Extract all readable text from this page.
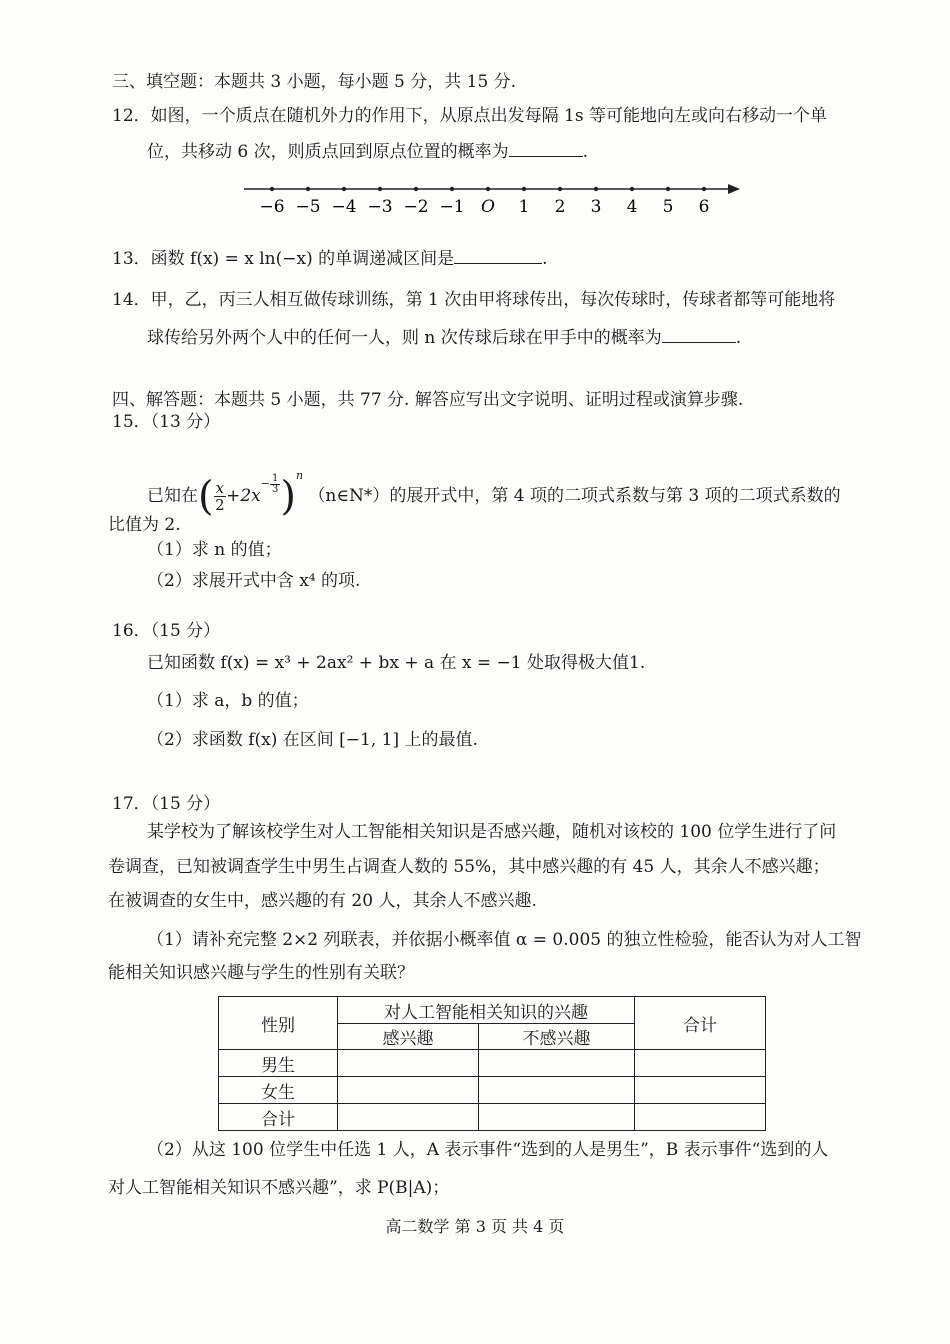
三、填空题：本题共 3 小题，每小题 5 分，共 15 分.
12．如图，一个质点在随机外力的作用下，从原点出发每隔 1s 等可能地向左或向右移动一个单
位，共移动 6 次，则质点回到原点位置的概率为	.
−6 −5 −4 −3 −2 −1 O 1 2 3 4 5 6
13．函数 f(x) = x ln(−x) 的单调递减区间是	.
14．甲，乙，丙三人相互做传球训练，第 1 次由甲将球传出，每次传球时，传球者都等可能地将
球传给另外两个人中的任何一人，则 n 次传球后球在甲手中的概率为	.
四、解答题：本题共 5 小题，共 77 分. 解答应写出文字说明、证明过程或演算步骤.
15．（13 分）
已知在( $\frac{x}{2} +2x^{- \frac{1}{3}}$ )$^n$ （n∈N*）的展开式中，第 4 项的二项式系数与第 3 项的二项式系数的
比值为 2.
（1）求 n 的值；
（2）求展开式中含 x⁴ 的项.
16．（15 分）
已知函数 f(x) = x³ + 2ax² + bx + a 在 x = −1 处取得极大值1.
（1）求 a，b 的值；
（2）求函数 f(x) 在区间 [−1, 1] 上的最值.
17．（15 分）
某学校为了解该校学生对人工智能相关知识是否感兴趣，随机对该校的 100 位学生进行了问
卷调查，已知被调查学生中男生占调查人数的 55%，其中感兴趣的有 45 人，其余人不感兴趣；
在被调查的女生中，感兴趣的有 20 人，其余人不感兴趣.
（1）请补充完整 2×2 列联表，并依据小概率值 α = 0.005 的独立性检验，能否认为对人工智
能相关知识感兴趣与学生的性别有关联？
性别	对人工智能相关知识的兴趣		合计
	感兴趣	不感兴趣	
男生			
女生			
合计			
（2）从这 100 位学生中任选 1 人，A 表示事件“选到的人是男生”，B 表示事件“选到的人
对人工智能相关知识不感兴趣”，求 P(B|A)；
高二数学 第 3 页 共 4 页
